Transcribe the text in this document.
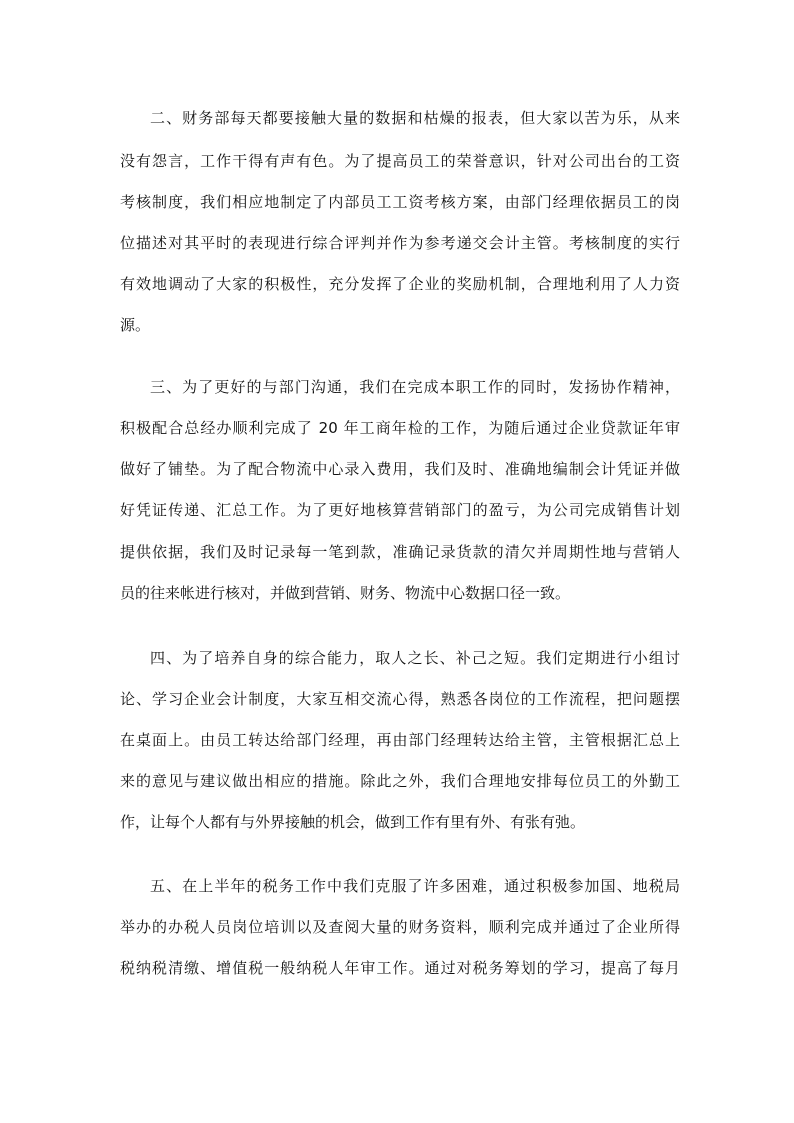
二、财务部每天都要接触大量的数据和枯燥的报表，但大家以苦为乐，从来
没有怨言，工作干得有声有色。为了提高员工的荣誉意识，针对公司出台的工资
考核制度，我们相应地制定了内部员工工资考核方案，由部门经理依据员工的岗
位描述对其平时的表现进行综合评判并作为参考递交会计主管。考核制度的实行
有效地调动了大家的积极性，充分发挥了企业的奖励机制，合理地利用了人力资
源。
三、为了更好的与部门沟通，我们在完成本职工作的同时，发扬协作精神，
积极配合总经办顺利完成了 20 年工商年检的工作，为随后通过企业贷款证年审
做好了铺垫。为了配合物流中心录入费用，我们及时、准确地编制会计凭证并做
好凭证传递、汇总工作。为了更好地核算营销部门的盈亏，为公司完成销售计划
提供依据，我们及时记录每一笔到款，准确记录货款的清欠并周期性地与营销人
员的往来帐进行核对，并做到营销、财务、物流中心数据口径一致。
四、为了培养自身的综合能力，取人之长、补己之短。我们定期进行小组讨
论、学习企业会计制度，大家互相交流心得，熟悉各岗位的工作流程，把问题摆
在桌面上。由员工转达给部门经理，再由部门经理转达给主管，主管根据汇总上
来的意见与建议做出相应的措施。除此之外，我们合理地安排每位员工的外勤工
作，让每个人都有与外界接触的机会，做到工作有里有外、有张有弛。
五、在上半年的税务工作中我们克服了许多困难，通过积极参加国、地税局
举办的办税人员岗位培训以及查阅大量的财务资料，顺利完成并通过了企业所得
税纳税清缴、增值税一般纳税人年审工作。通过对税务筹划的学习，提高了每月
